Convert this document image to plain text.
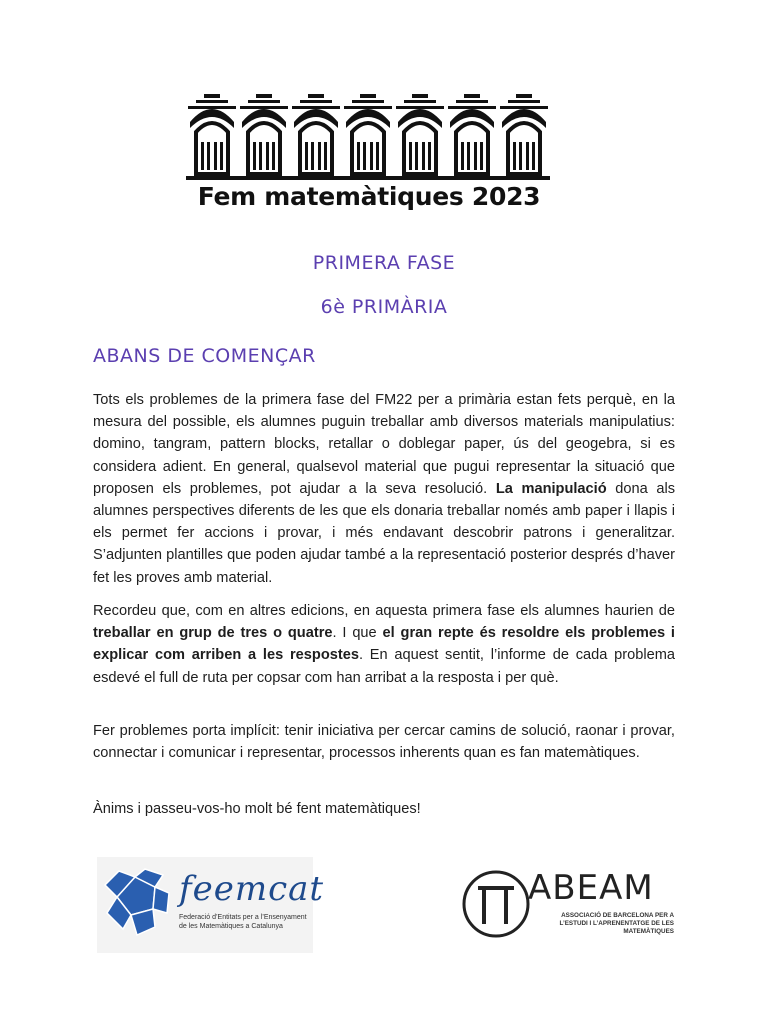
Fem matemàtiques 2023
PRIMERA FASE
6è PRIMÀRIA
ABANS DE COMENÇAR

Tots els problemes de la primera fase del FM22 per a primària estan fets perquè, en la mesura del possible, els alumnes puguin treballar amb diversos materials manipulatius: domino, tangram, pattern blocks, retallar o doblegar paper, ús del geogebra, si es considera adient. En general, qualsevol material que pugui representar la situació que proposen els problemes, pot ajudar a la seva resolució. La manipulació dona als alumnes perspectives diferents de les que els donaria treballar només amb paper i llapis i els permet fer accions i provar, i més endavant descobrir patrons i generalitzar. S’adjunten plantilles que poden ajudar també a la representació posterior després d’haver fet les proves amb material.

Recordeu que, com en altres edicions, en aquesta primera fase els alumnes haurien de treballar en grup de tres o quatre. I que el gran repte és resoldre els problemes i explicar com arriben a les respostes. En aquest sentit, l’informe de cada problema esdevé el full de ruta per copsar com han arribat a la resposta i per què.

Fer problemes porta implícit: tenir iniciativa per cercar camins de solució, raonar i provar, connectar i comunicar i representar, processos inherents quan es fan matemàtiques.

Ànims i passeu-vos-ho molt bé fent matemàtiques!

feemcat
Federació d’Entitats per a l’Ensenyament de les Matemàtiques a Catalunya
ABEAM
ASSOCIACIÓ DE BARCELONA PER A L’ESTUDI I L’APRENENTATGE DE LES MATEMÀTIQUES
